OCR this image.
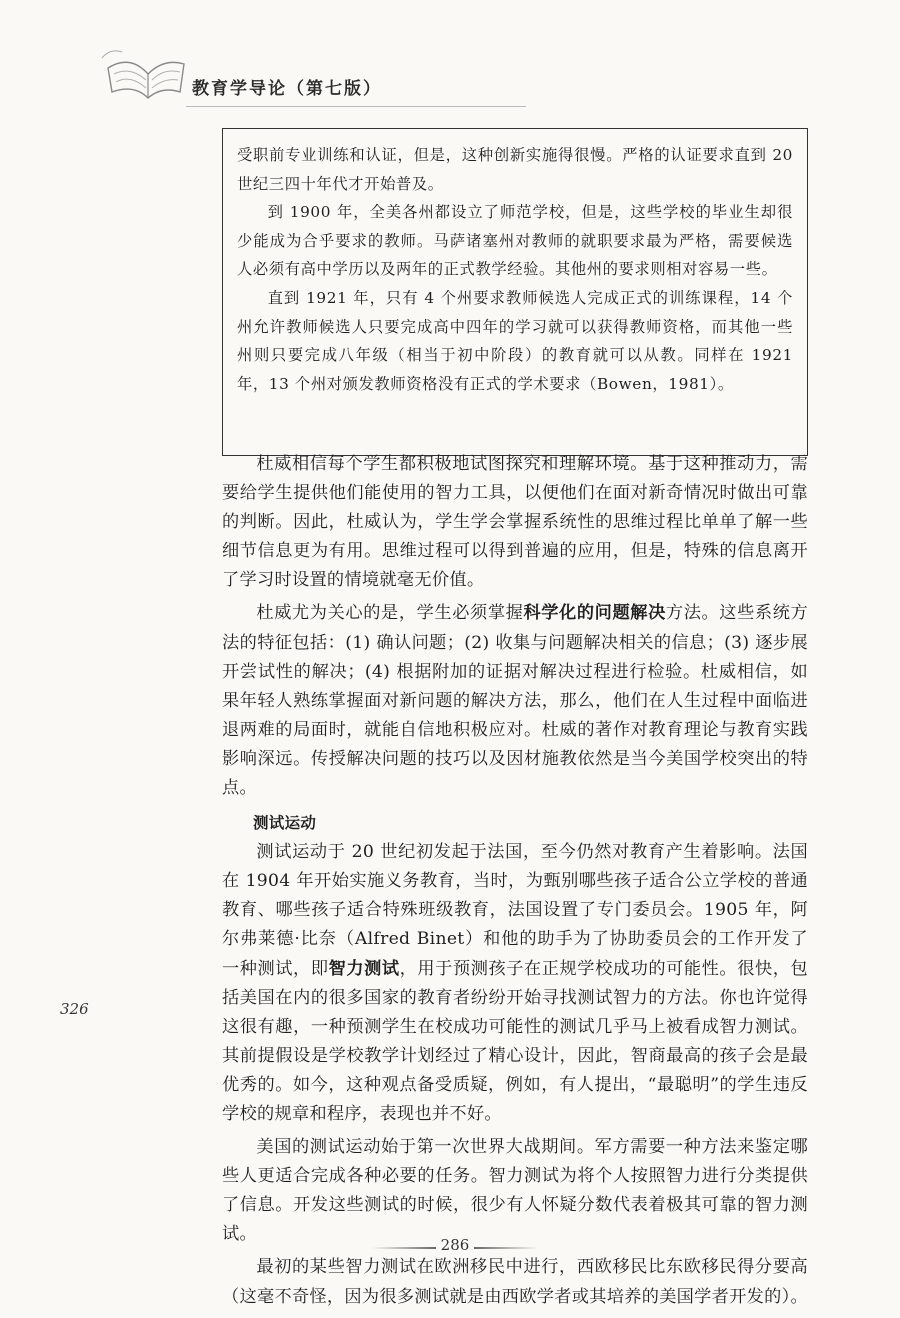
教育学导论（第七版）

受职前专业训练和认证，但是，这种创新实施得很慢。严格的认证要求直到 20 世纪三四十年代才开始普及。

到 1900 年，全美各州都设立了师范学校，但是，这些学校的毕业生却很少能成为合乎要求的教师。马萨诸塞州对教师的就职要求最为严格，需要候选人必须有高中学历以及两年的正式教学经验。其他州的要求则相对容易一些。

直到 1921 年，只有 4 个州要求教师候选人完成正式的训练课程，14 个州允许教师候选人只要完成高中四年的学习就可以获得教师资格，而其他一些州则只要完成八年级（相当于初中阶段）的教育就可以从教。同样在 1921 年，13 个州对颁发教师资格没有正式的学术要求（Bowen，1981）。

杜威相信每个学生都积极地试图探究和理解环境。基于这种推动力，需要给学生提供他们能使用的智力工具，以便他们在面对新奇情况时做出可靠的判断。因此，杜威认为，学生学会掌握系统性的思维过程比单单了解一些细节信息更为有用。思维过程可以得到普遍的应用，但是，特殊的信息离开了学习时设置的情境就毫无价值。

杜威尤为关心的是，学生必须掌握科学化的问题解决方法。这些系统方法的特征包括：(1) 确认问题；(2) 收集与问题解决相关的信息；(3) 逐步展开尝试性的解决；(4) 根据附加的证据对解决过程进行检验。杜威相信，如果年轻人熟练掌握面对新问题的解决方法，那么，他们在人生过程中面临进退两难的局面时，就能自信地积极应对。杜威的著作对教育理论与教育实践影响深远。传授解决问题的技巧以及因材施教依然是当今美国学校突出的特点。

测试运动

测试运动于 20 世纪初发起于法国，至今仍然对教育产生着影响。法国在 1904 年开始实施义务教育，当时，为甄别哪些孩子适合公立学校的普通教育、哪些孩子适合特殊班级教育，法国设置了专门委员会。1905 年，阿尔弗莱德·比奈（Alfred Binet）和他的助手为了协助委员会的工作开发了一种测试，即智力测试，用于预测孩子在正规学校成功的可能性。很快，包括美国在内的很多国家的教育者纷纷开始寻找测试智力的方法。你也许觉得这很有趣，一种预测学生在校成功可能性的测试几乎马上被看成智力测试。其前提假设是学校教学计划经过了精心设计，因此，智商最高的孩子会是最优秀的。如今，这种观点备受质疑，例如，有人提出，“最聪明”的学生违反学校的规章和程序，表现也并不好。

美国的测试运动始于第一次世界大战期间。军方需要一种方法来鉴定哪些人更适合完成各种必要的任务。智力测试为将个人按照智力进行分类提供了信息。开发这些测试的时候，很少有人怀疑分数代表着极其可靠的智力测试。

最初的某些智力测试在欧洲移民中进行，西欧移民比东欧移民得分要高（这毫不奇怪，因为很多测试就是由西欧学者或其培养的美国学者开发的）。

326
286
